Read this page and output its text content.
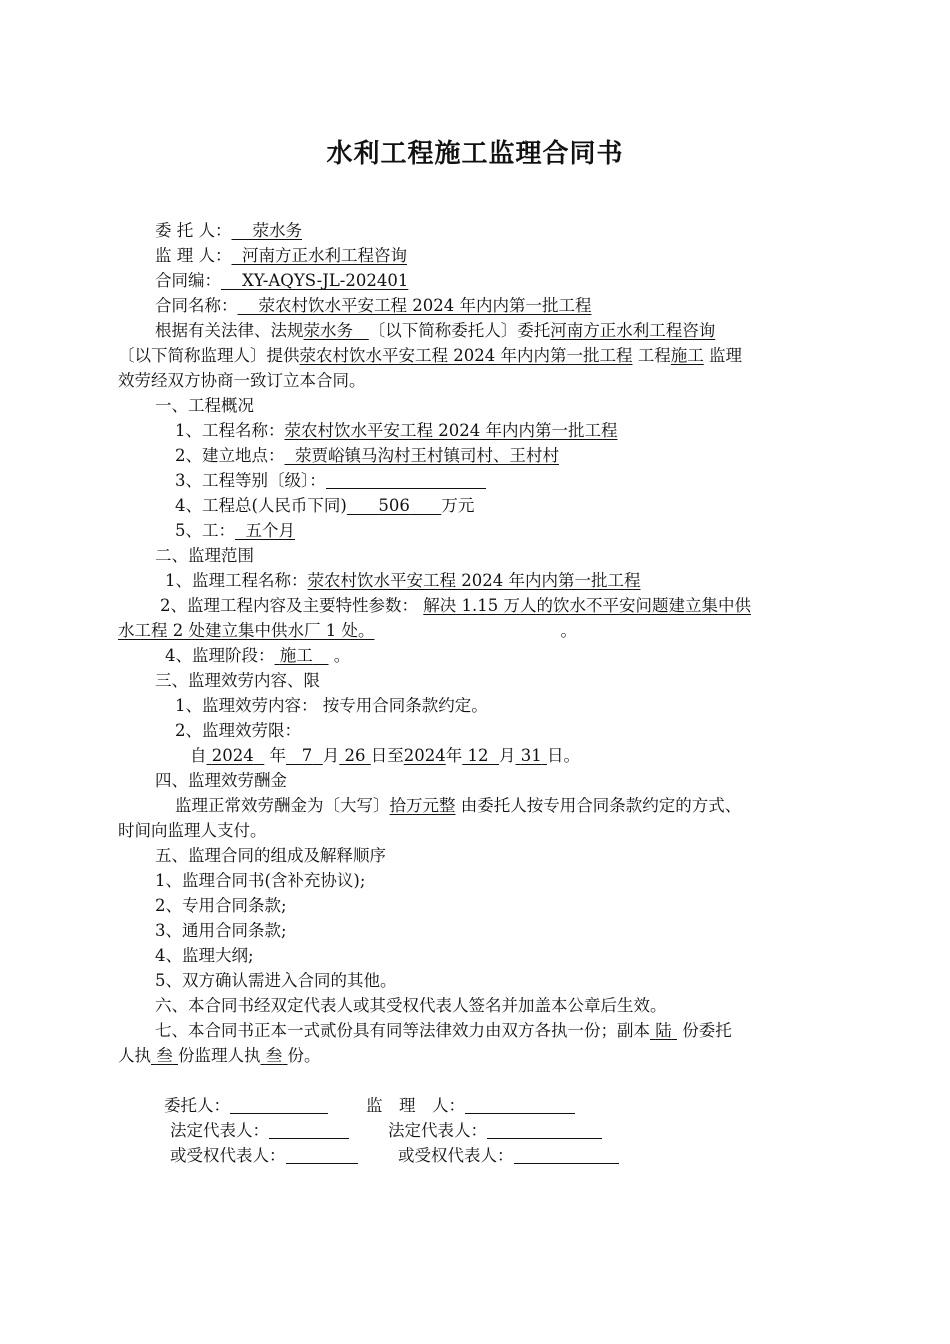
水利工程施工监理合同书
委 托 人： 荥水务
监 理 人： 河南方正水利工程咨询
合同编： XY-AQYS-JL-202401
合同名称： 荥农村饮水平安工程 2024 年内内第一批工程
根据有关法律、法规荥水务 〔以下简称委托人〕委托河南方正水利工程咨询
〔以下简称监理人〕提供荥农村饮水平安工程 2024 年内内第一批工程 工程施工 监理
效劳经双方协商一致订立本合同。
一、工程概况
1、工程名称：荥农村饮水平安工程 2024 年内内第一批工程
2、建立地点： 荥贾峪镇马沟村王村镇司村、王村村
3、工程等别〔级〕：
4、工程总(人民币下同) 506 万元
5、工： 五个月
二、监理范围
1、监理工程名称：荥农村饮水平安工程 2024 年内内第一批工程
2、监理工程内容及主要特性参数： 解决 1.15 万人的饮水不平安问题建立集中供
水工程 2 处建立集中供水厂 1 处。	。
4、监理阶段： 施工 。
三、监理效劳内容、限
1、监理效劳内容： 按专用合同条款约定。
2、监理效劳限：
自 2024 年 7 月 26 日至2024年 12 月 31 日。
四、监理效劳酬金
监理正常效劳酬金为〔大写〕拾万元整 由委托人按专用合同条款约定的方式、
时间向监理人支付。
五、监理合同的组成及解释顺序
1、监理合同书(含补充协议);
2、专用合同条款;
3、通用合同条款;
4、监理大纲;
5、双方确认需进入合同的其他。
六、本合同书经双定代表人或其受权代表人签名并加盖本公章后生效。
七、本合同书正本一式贰份具有同等法律效力由双方各执一份；副本 陆 份委托
人执 叁 份监理人执 叁 份。
委托人：	监　理　人：
法定代表人：	法定代表人：
或受权代表人：	或受权代表人：
